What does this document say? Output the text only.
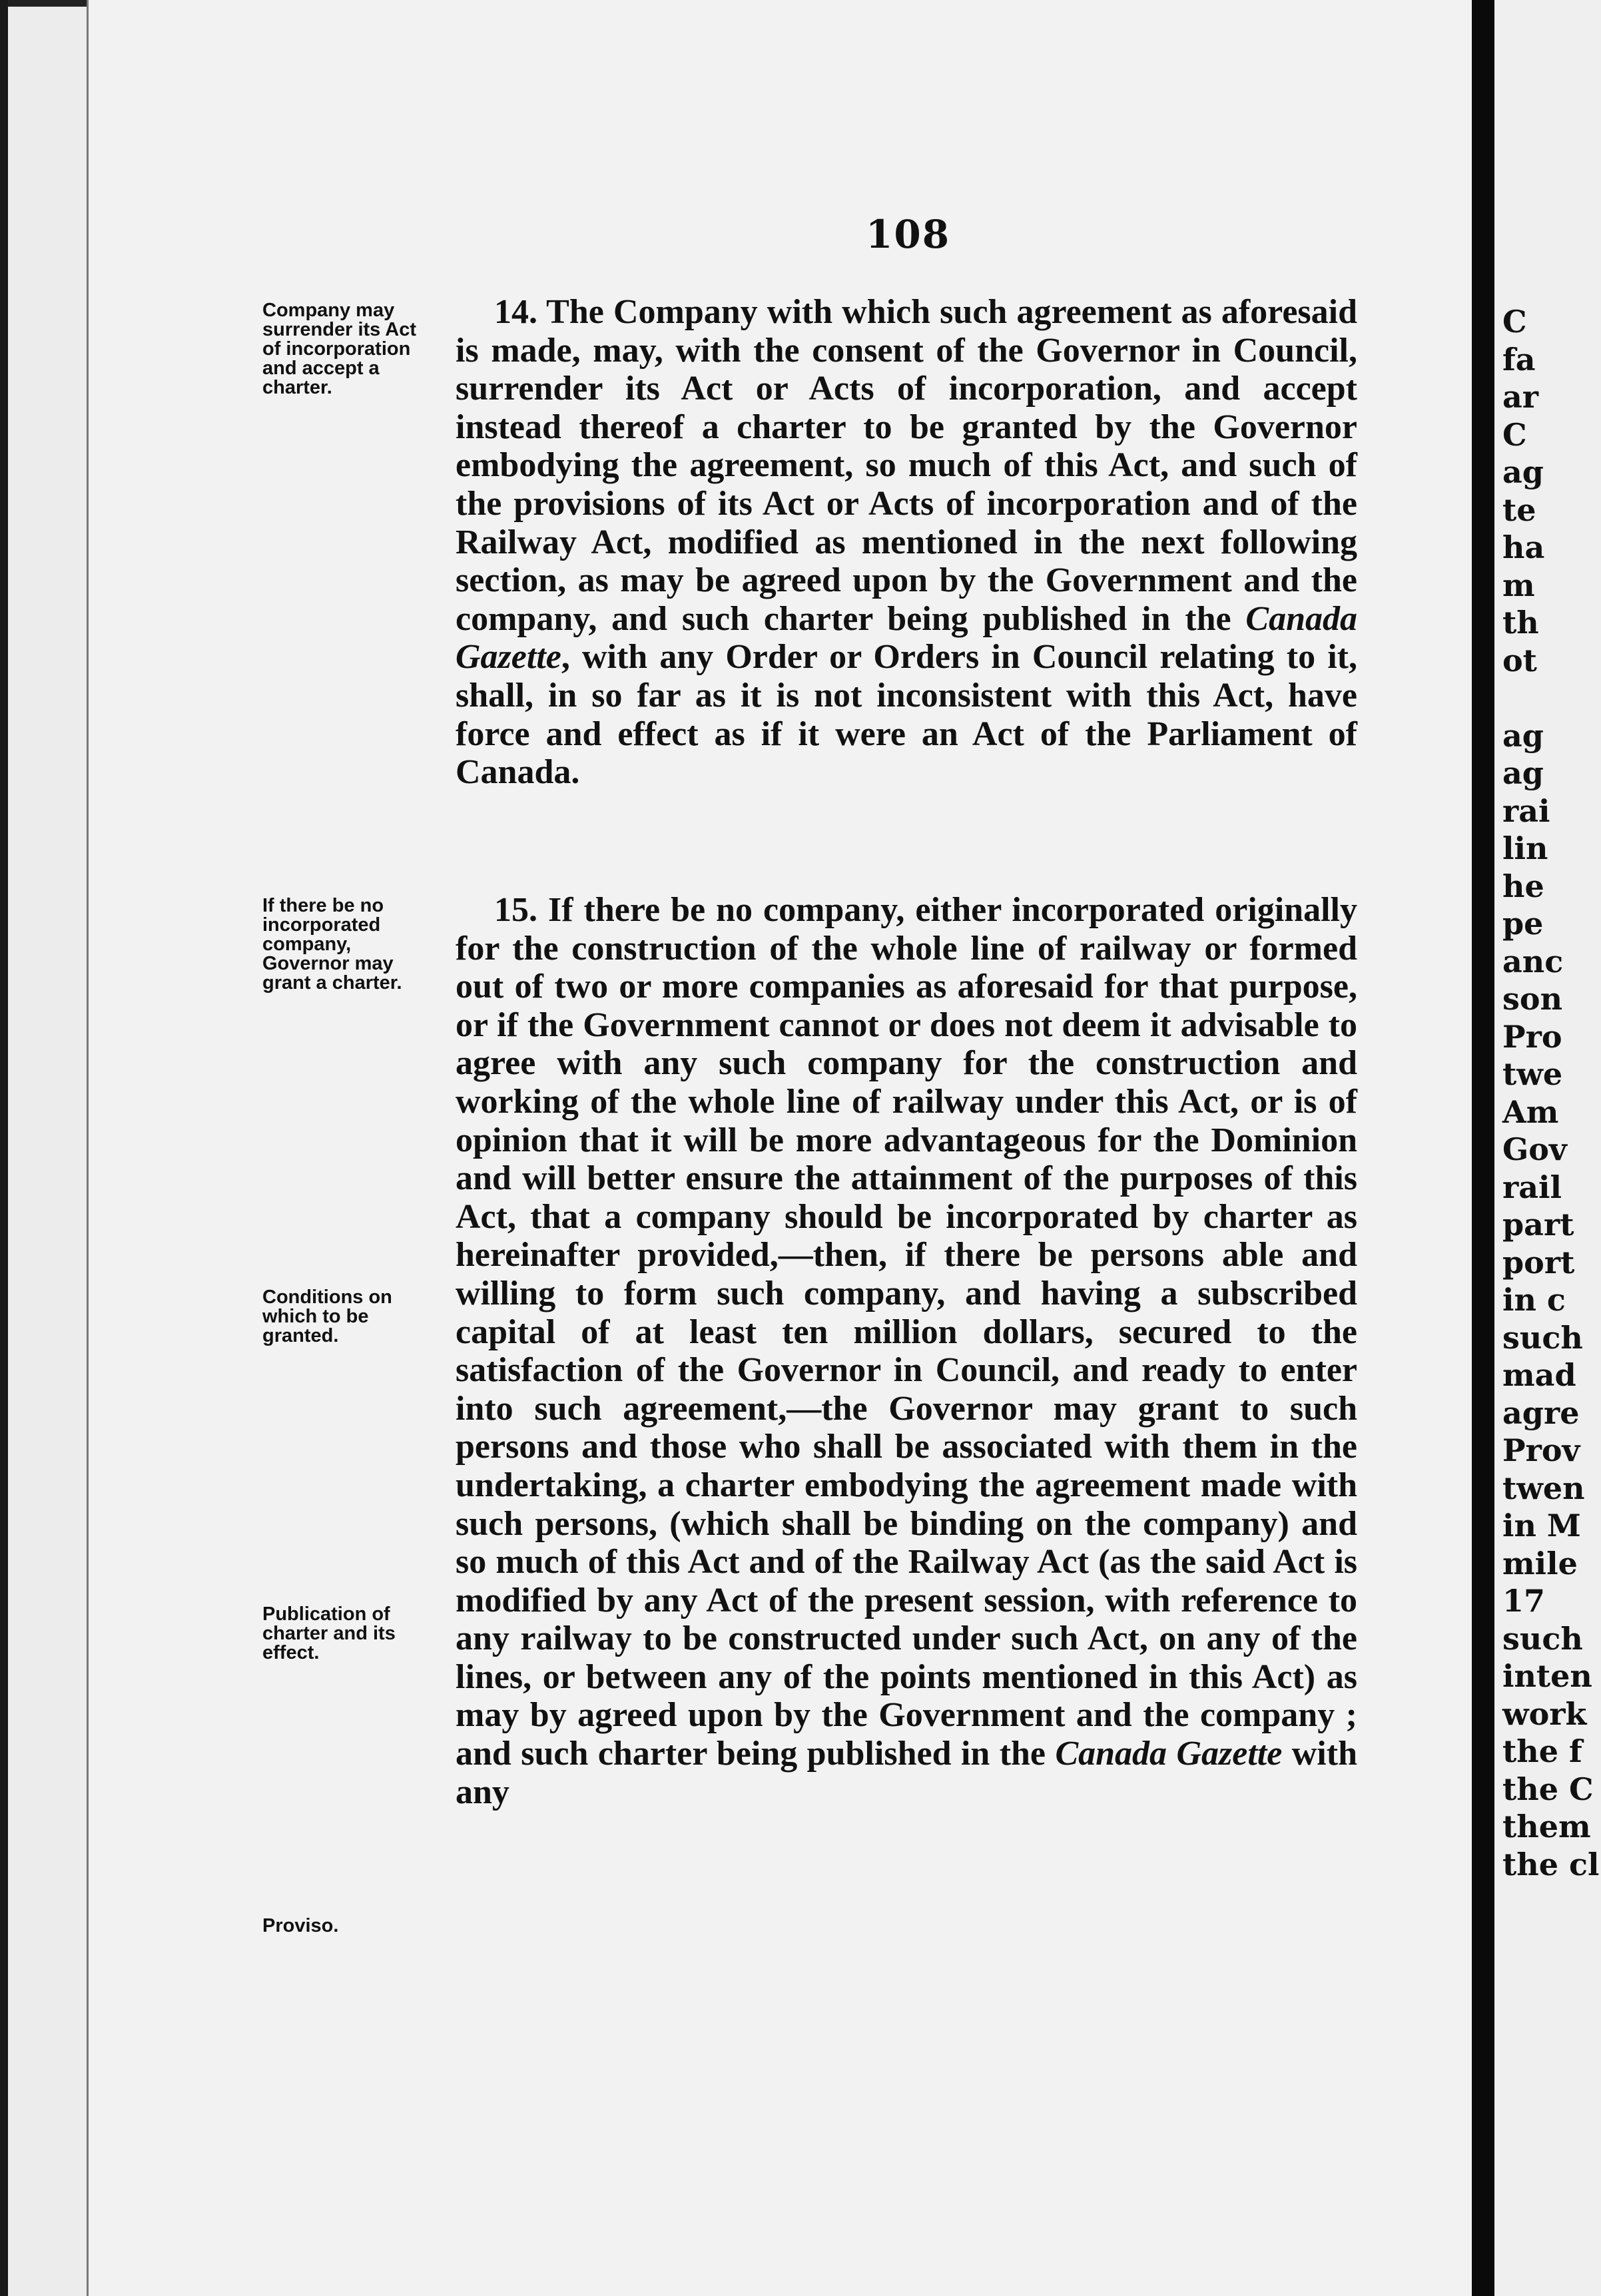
C
fa
ar
C
ag
te
ha
m
th
ot

ag
ag
rai
lin
he
pe
anc
son
Pro
twe
Am
Gov
rail
part
port
in c
such
mad
agre
Prov
twen
in M
mile
17
such
inten
work
the f
the C
them
the cl
108
Company may surrender its Act of incorporation and accept a charter.
If there be no incorporated company, Governor may grant a charter.
Conditions on which to be granted.
Publication of charter and its effect.
Proviso.
14. The Company with which such agreement as aforesaid is made, may, with the consent of the Governor in Council, surrender its Act or Acts of incorporation, and accept instead thereof a charter to be granted by the Governor embodying the agreement, so much of this Act, and such of the provisions of its Act or Acts of incorporation and of the Railway Act, modified as mentioned in the next following section, as may be agreed upon by the Government and the company, and such charter being published in the Canada Gazette, with any Order or Orders in Council relating to it, shall, in so far as it is not inconsistent with this Act, have force and effect as if it were an Act of the Parliament of Canada.
15. If there be no company, either incorporated originally for the construction of the whole line of railway or formed out of two or more companies as aforesaid for that purpose, or if the Government cannot or does not deem it advisable to agree with any such company for the construction and working of the whole line of railway under this Act, or is of opinion that it will be more advantageous for the Dominion and will better ensure the attainment of the purposes of this Act, that a company should be incorporated by charter as hereinafter provided,—then, if there be persons able and willing to form such company, and having a subscribed capital of at least ten million dollars, secured to the satisfaction of the Governor in Council, and ready to enter into such agreement,—the Governor may grant to such persons and those who shall be associated with them in the undertaking, a charter embodying the agreement made with such persons, (which shall be binding on the company) and so much of this Act and of the Railway Act (as the said Act is modified by any Act of the present session, with reference to any railway to be constructed under such Act, on any of the lines, or between any of the points mentioned in this Act) as may by agreed upon by the Government and the company ; and such charter being published in the Canada Gazette with any
